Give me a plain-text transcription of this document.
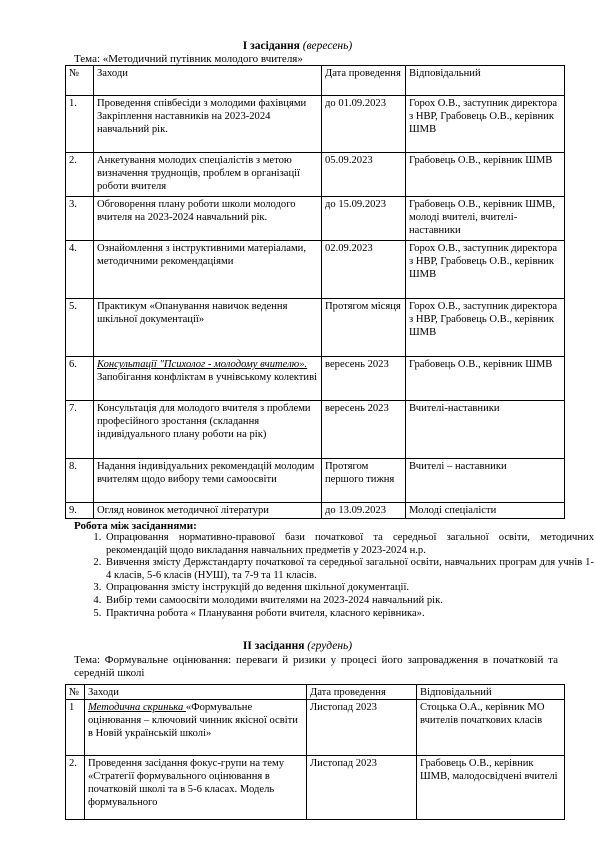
I засідання (вересень)
Тема: «Методичний путівник молодого вчителя»
№	Заходи	Дата проведення	Відповідальний
1.	Проведення співбесіди з молодими фахівцями Закріплення наставників на 2023-2024 навчальний рік.	до 01.09.2023	Горох О.В., заступник директора з НВР, Грабовець О.В., керівник ШМВ
2.	Анкетування молодих спеціалістів з метою визначення труднощів, проблем в організації роботи вчителя	05.09.2023	Грабовець О.В., керівник ШМВ
3.	Обговорення плану роботи школи молодого вчителя на 2023-2024 навчальний рік.	до 15.09.2023	Грабовець О.В., керівник ШМВ, молоді вчителі, вчителі-наставники
4.	Ознайомлення з інструктивними матеріалами, методичними рекомендаціями	02.09.2023	Горох О.В., заступник директора з НВР, Грабовець О.В., керівник ШМВ
5.	Практикум «Опанування навичок ведення шкільної документації»	Протягом місяця	Горох О.В., заступник директора з НВР, Грабовець О.В., керівник ШМВ
6.	Консультації "Психолог - молодому вчителю». Запобігання конфліктам в учнівському колективі	вересень 2023	Грабовець О.В., керівник ШМВ
7.	Консультація для молодого вчителя з проблеми професійного зростання (складання індивідуального плану роботи на рік)	вересень 2023	Вчителі-наставники
8.	Надання індивідуальних рекомендацій молодим вчителям щодо вибору теми самоосвіти	Протягом першого тижня	Вчителі – наставники
9.	Огляд новинок методичної літератури	до 13.09.2023	Молоді спеціалісти
Робота між засіданнями:
1. Опрацювання нормативно-правової бази початкової та середньої загальної освіти, методичних рекомендацій щодо викладання навчальних предметів у 2023-2024 н.р.
2. Вивчення змісту Держстандарту початкової та середньої загальної освіти, навчальних програм для учнів 1-4 класів, 5-6 класів (НУШ), та 7-9 та 11 класів.
3. Опрацювання змісту інструкцій до ведення шкільної документації.
4. Вибір теми самоосвіти молодими вчителями на 2023-2024 навчальний рік.
5. Практична робота « Планування роботи вчителя, класного керівника».
II засідання (грудень)
Тема: Формувальне оцінювання: переваги й ризики у процесі його запровадження в початковій та середній школі
№	Заходи	Дата проведення	Відповідальний
1	Методична скринька «Формувальне оцінювання – ключовий чинник якісної освіти в Новій українській школі»	Листопад 2023	Стоцька О.А., керівник МО вчителів початкових класів
2.	Проведення засідання фокус-групи на тему «Стратегії формувального оцінювання в початковій школі та в 5-6 класах. Модель формувального	Листопад 2023	Грабовець О.В., керівник ШМВ, малодосвідчені вчителі
